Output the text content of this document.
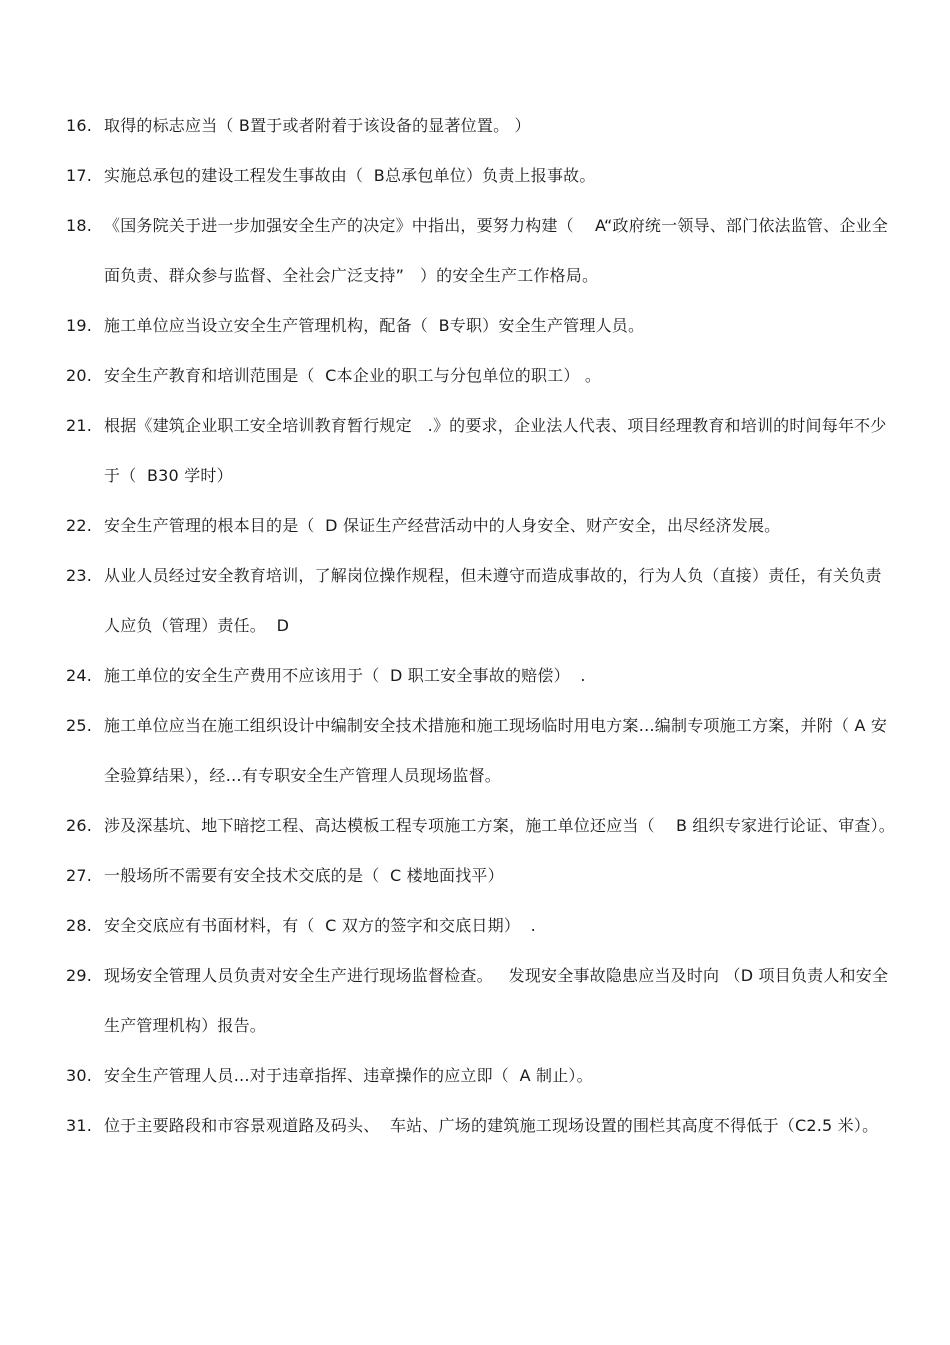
16. 取得的标志应当（ B置于或者附着于该设备的显著位置。 ）
17. 实施总承包的建设工程发生事故由（  B总承包单位）负责上报事故。
18. 《国务院关于进一步加强安全生产的决定》中指出，要努力构建（    A“政府统一领导、部门依法监管、企业全面负责、群众参与监督、全社会广泛支持”   ）的安全生产工作格局。
19. 施工单位应当设立安全生产管理机构，配备（  B专职）安全生产管理人员。
20. 安全生产教育和培训范围是（  C本企业的职工与分包单位的职工） 。
21. 根据《建筑企业职工安全培训教育暂行规定   .》的要求，企业法人代表、项目经理教育和培训的时间每年不少于（  B30 学时）
22. 安全生产管理的根本目的是（  D 保证生产经营活动中的人身安全、财产安全，出尽经济发展。
23. 从业人员经过安全教育培训，了解岗位操作规程，但未遵守而造成事故的，行为人负（直接）责任，有关负责人应负（管理）责任。  D
24. 施工单位的安全生产费用不应该用于（  D 职工安全事故的赔偿）  .
25. 施工单位应当在施工组织设计中编制安全技术措施和施工现场临时用电方案…编制专项施工方案，并附（ A 安全验算结果），经…有专职安全生产管理人员现场监督。
26. 涉及深基坑、地下暗挖工程、高达模板工程专项施工方案，施工单位还应当（    B 组织专家进行论证、审查）。
27. 一般场所不需要有安全技术交底的是（  C 楼地面找平）
28. 安全交底应有书面材料，有（  C 双方的签字和交底日期）  .
29. 现场安全管理人员负责对安全生产进行现场监督检查。   发现安全事故隐患应当及时向 （D 项目负责人和安全生产管理机构）报告。
30. 安全生产管理人员…对于违章指挥、违章操作的应立即（  A 制止）。
31. 位于主要路段和市容景观道路及码头、  车站、广场的建筑施工现场设置的围栏其高度不得低于（C2.5 米）。
